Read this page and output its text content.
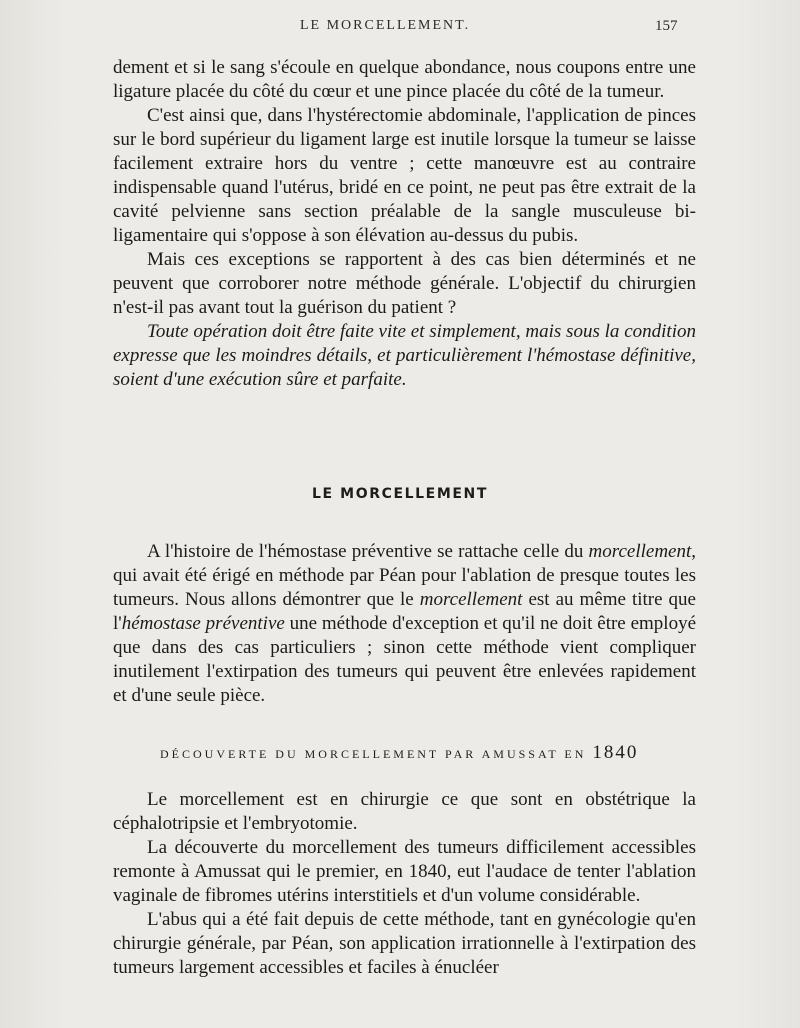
LE MORCELLEMENT.	157

dement et si le sang s'écoule en quelque abondance, nous coupons entre une ligature placée du côté du cœur et une pince placée du côté de la tumeur.

C'est ainsi que, dans l'hystérectomie abdominale, l'application de pinces sur le bord supérieur du ligament large est inutile lorsque la tumeur se laisse facilement extraire hors du ventre ; cette manœuvre est au contraire indispensable quand l'utérus, bridé en ce point, ne peut pas être extrait de la cavité pelvienne sans section préalable de la sangle musculeuse bi-ligamentaire qui s'oppose à son élévation au-dessus du pubis.

Mais ces exceptions se rapportent à des cas bien déterminés et ne peuvent que corroborer notre méthode générale. L'objectif du chirurgien n'est-il pas avant tout la guérison du patient ?

Toute opération doit être faite vite et simplement, mais sous la condition expresse que les moindres détails, et particulièrement l'hémostase définitive, soient d'une exécution sûre et parfaite.

LE MORCELLEMENT

A l'histoire de l'hémostase préventive se rattache celle du morcellement, qui avait été érigé en méthode par Péan pour l'ablation de presque toutes les tumeurs. Nous allons démontrer que le morcellement est au même titre que l'hémostase préventive une méthode d'exception et qu'il ne doit être employé que dans des cas particuliers ; sinon cette méthode vient compliquer inutilement l'extirpation des tumeurs qui peuvent être enlevées rapidement et d'une seule pièce.

DÉCOUVERTE DU MORCELLEMENT PAR AMUSSAT EN 1840

Le morcellement est en chirurgie ce que sont en obstétrique la céphalotripsie et l'embryotomie.

La découverte du morcellement des tumeurs difficilement accessibles remonte à Amussat qui le premier, en 1840, eut l'audace de tenter l'ablation vaginale de fibromes utérins interstitiels et d'un volume considérable.

L'abus qui a été fait depuis de cette méthode, tant en gynécologie qu'en chirurgie générale, par Péan, son application irrationnelle à l'extirpation des tumeurs largement accessibles et faciles à énucléer
